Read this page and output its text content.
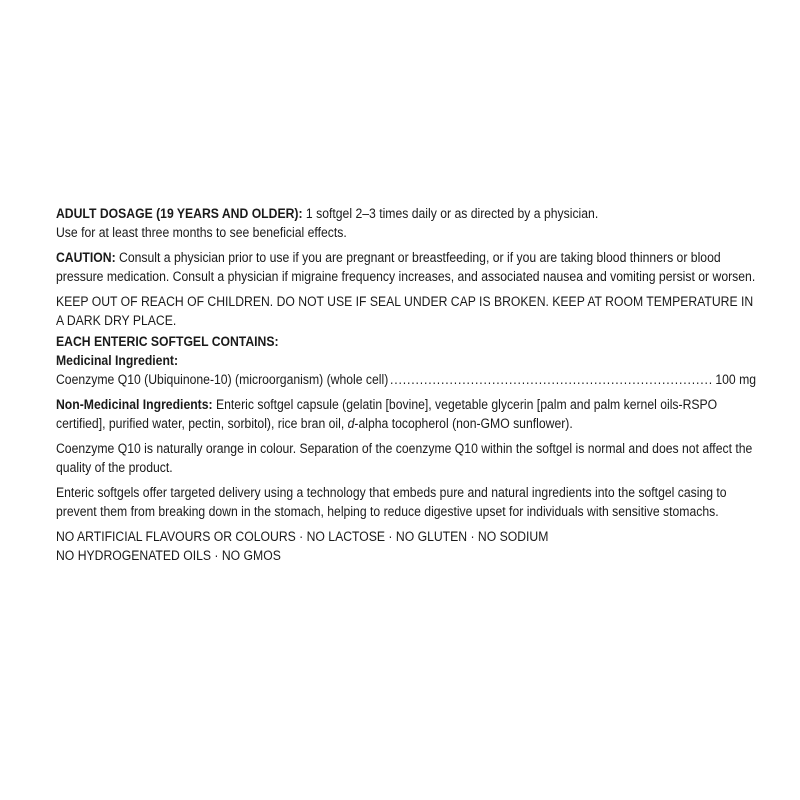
ADULT DOSAGE (19 YEARS AND OLDER): 1 softgel 2–3 times daily or as directed by a physician.
Use for at least three months to see beneficial effects.

CAUTION: Consult a physician prior to use if you are pregnant or breastfeeding, or if you are taking blood thinners or blood pressure medication. Consult a physician if migraine frequency increases, and associated nausea and vomiting persist or worsen.

KEEP OUT OF REACH OF CHILDREN. DO NOT USE IF SEAL UNDER CAP IS BROKEN. KEEP AT ROOM TEMPERATURE IN A DARK DRY PLACE.

EACH ENTERIC SOFTGEL CONTAINS:
Medicinal Ingredient:
Coenzyme Q10 (Ubiquinone-10) (microorganism) (whole cell)
.....	100 mg

Non-Medicinal Ingredients: Enteric softgel capsule (gelatin [bovine], vegetable glycerin [palm and palm kernel oils-RSPO certified], purified water, pectin, sorbitol), rice bran oil, d-alpha tocopherol (non-GMO sunflower).

Coenzyme Q10 is naturally orange in colour. Separation of the coenzyme Q10 within the softgel is normal and does not affect the quality of the product.

Enteric softgels offer targeted delivery using a technology that embeds pure and natural ingredients into the softgel casing to prevent them from breaking down in the stomach, helping to reduce digestive upset for individuals with sensitive stomachs.

NO ARTIFICIAL FLAVOURS OR COLOURS · NO LACTOSE · NO GLUTEN · NO SODIUM
NO HYDROGENATED OILS · NO GMOS
